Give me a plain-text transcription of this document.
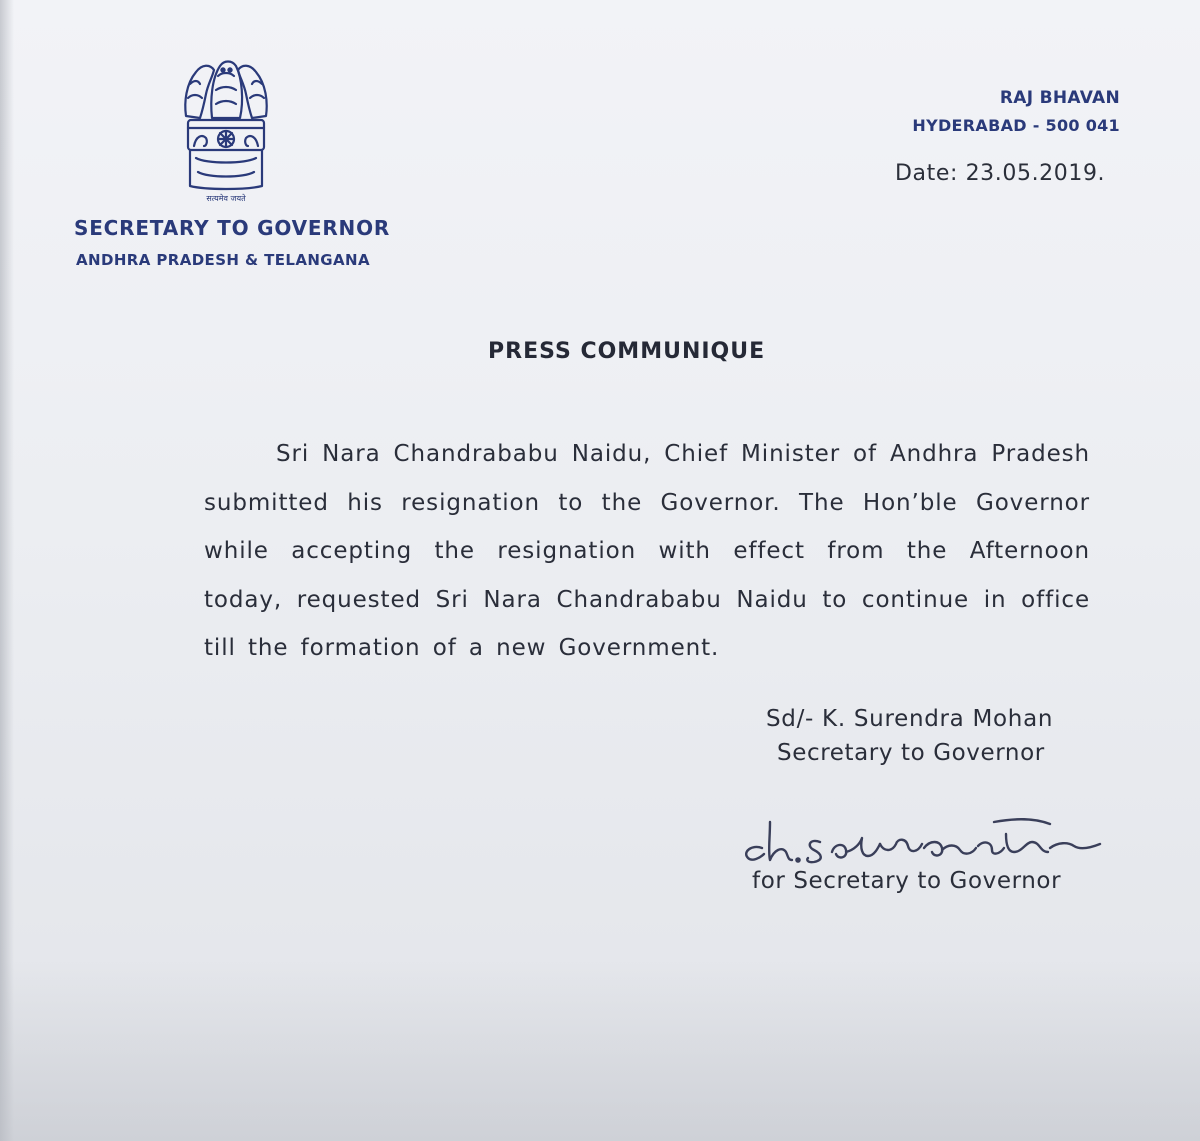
सत्यमेव जयते
SECRETARY TO GOVERNOR
ANDHRA PRADESH & TELANGANA
RAJ BHAVAN
HYDERABAD - 500 041
Date: 23.05.2019.
PRESS COMMUNIQUE

Sri Nara Chandrababu Naidu, Chief Minister of Andhra Pradesh submitted his resignation to the Governor. The Hon’ble Governor while accepting the resignation with effect from the Afternoon today, requested Sri Nara Chandrababu Naidu to continue in office till the formation of a new Government.

Sd/- K. Surendra Mohan
Secretary to Governor
for Secretary to Governor
